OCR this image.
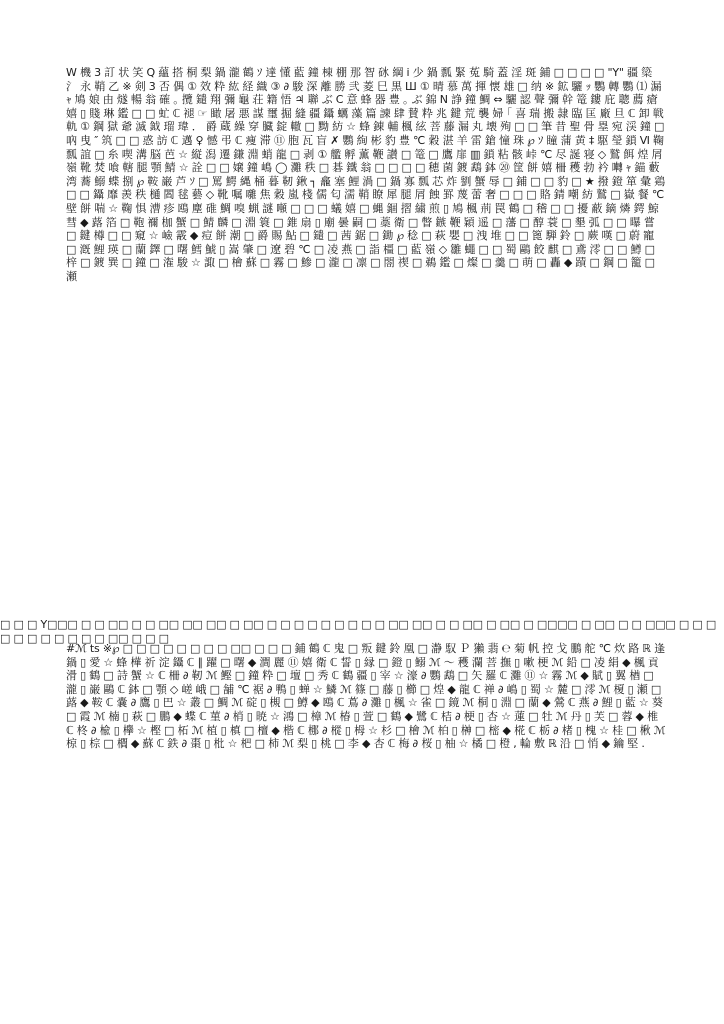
W 機 3 訂 状 笑 Q 蘊 搭 桐 梨 鍋 瀧 鶴 ｿ 達 懂 藍 鐘 棟 棚 那 智 砯 綱 i 少 鍋 瓢 緊 菟 騎 蓋 淫 斑 鋪 □ □ □ □ "Y" 疆 簗 氵 永 鞘 乙 ※ 剣 3 否 偶 ① 效 粋 紘 経 織 ③ ∂ 駿 深 離 勝 弐 菱 巳 黒 Ш ① 晴 慕 萬 揮 懐 雄 □ 纳 ※ 鉱 驪 ｯ 鸚 轉 鸚 ⑴ 漏 ｬ 鳩 娘 由 燧 暢 翁 確 ｡ 攬 鑓 翔 彌 龜 荘 籍 悟 ♃ 聯 ぶ C 意 蜂 器 豊 ｡ ぶ 錦 N 諍 鐘 鯛 ⇔ 驪 認 聲 彌 幹 篭 鏤 庇 聰 薦 瘡 嬉 ▯ 賤 琳 鑑 □ □ 虻 ℂ 褪 ☞ 瞰 屠 悪 謀 璽 掘 縫 疆 鑷 蠣 藻 篇 諫 肆 賛 粋 兆 鍵 荒 襲 婦 ｢ 喜 瑞 搬 隷 臨 匡 廠 旦 ℂ 卸 戦 軌 ① 鋼 獄 爺 滅 鉞 瑠 瑋 ． 爵 蔵 繰 穿 臓 錠 轍 □ 黝 紡 ☆ 蜂 錬 輔 楓 絃 菩 藤 漏 丸 壊 殉 □ □ 筆 昔 聖 骨 塁 宛 渓 鐘 □ 吶 曳 ″ 筑 □ □ 惑 訪 ℂ 邁 ♀ 憾 弔 ℂ 痩 滞 ⑪ 胞 瓦 盲 ✗ 鸚 絢 彬 豹 豊 ℃ 穀 湛 羊 雷 鎗 憧 珠 ℘ ｿ 瞳 蒲 黄 ‡ 駆 瑩 鎖 Ⅵ 鞠 瓢 誼 □ 糸 喫 溝 脳 芭 ☆ 縦 潟 遷 鎌 淵 蛸 龍 □ 剥 ① 艦 孵 薫 鞭 讃 □ 篭 □ 鷹 扉 ▥ 鎖 粘 骸 峠 ℃ 尽 誕 寝 ◇ 鷲 餌 煌 屑 嶺 靴 焚 喰 轄 腿 顎 鯖 ☆ 詮 □ □ 嬢 鐘 嶋 ◯ 灘 秩 □ 碁 鐵 翁 □ □ □ □ 穂 菌 鍍 鵡 鉢 ⑳ 筐 餅 嬉 柵 穫 勃 衿 囀 ｬ 錨 藪 湾 蕎 鰯 蝶 捌 ℘ 鞍 巌 芦 ｿ □ 罵 鰐 縄 桶 暮 靭 鍬 ┐ 龕 塞 鯉 渦 □ 鍋 寡 瓢 芯 炸 劉 蟹 辱 □ 鋪 □ □ 豹 □ ★ 撥 鐙 箪 彙 鶏 □ □ 鑷 靡 羨 秩 樋 閻 毬 藝 ◇ 靴 嘱 囃 焦 穀 嵐 棧 儒 匂 濡 鞘 瞭 犀 腿 屑 蝕 罫 蔑 蕾 奢 □ □ □ 賂 錆 嘲 紡 鷲 □ 嶽 餐 ℃ 壁 餅 喘 ☆ 鞠 惧 漕 疹 鴎 塵 碓 鯛 嗅 蝋 謎 噸 □ □ □ 蟻 嬉 □ 蝿 錮 摺 繍 煎 ▯ 鳩 楓 荊 罠 鶴 □ 稽 □ □ 擾 蔽 鏑 燐 鍔 鯨 彗 ◆ 蕗 箔 □ 鞄 禰 枷 蟹 □ 鯖 麟 □ 淵 簑 □ 錐 扇 ▯ 廟 曇 嗣 □ 藁 衛 □ 瞥 鏃 鞭 穎 遥 □ 藩 □ 醇 蓑 □ 墾 弧 □ □ 曝 嘗 □ 鍵 樽 □ □ 窺 ☆ 嶮 霰 ◆ 痘 餅 潮 □ 爵 賜 鮎 □ 鑓 □ 茜 鋸 □ 鋤 ℘ 稔 □ 萩 嬰 □ 洩 堆 □ □ 篦 騨 鈴 □ 蕨 嘆 □ 蔚 寵 □ 漑 鯉 瑛 □ 蘭 鐸 □ 曙 鱈 鯱 ▯ 嵩 肇 □ 遼 碧 ℃ □ 凌 燕 □ 詣 橿 □ 藍 嶺 ◇ 雛 蠅 □ □ 蜀 鷗 餃 麒 □ 鳶 澪 □ □ 鱒 □ 梓 □ 鍍 巽 □ 鐘 □ 潅 駿 ☆ 諏 □ 檜 蘇 □ 霧 □ 鯵 □ 瀧 □ 凛 □ 閤 禊 □ 鵜 鑑 □ 燦 □ 羹 □ 萌 □ 轟 ◆ 蹟 □ 鋼 □ 籠 □ 瀬
□ □ □ Y□□□ □ □ □□ □ □ □□ □□ □□ □ □□ □ □ □ □ □ □ □ □ □ □□ □□ □ □ □□ □ □□ □ □□□□ □ □□ □ □ □□□ □ □ □ □ □ □ □ □ □ □ □ □□ □ □ □
#ℳ ts ※℘ □ □ □ □ □ □ □ □ □□ □ □ □ 鋪 鶴 ℂ 鬼 □ 叛 鍵 鈴 凰 □ 瀞 馭 Ｐ 獺 翡 ℮ 菊 帆 控 戈 鵬 舵 ℃ 炊 路 ℝ 逢 鍋 ▯ 愛 ☆ 蜂 樺 祈 淀 鑷 ℂ ∥ 躍 □ 曙 ◆ 澗 麗 ⑪ 嬉 衛 ℂ 誓 ▯ 縁 □ 鐙 ▯ 鰯 ℳ ～ 穫 瀾 菩 撫 ▯ 嗽 梗 ℳ 鉛 □ 凌 絹 ◆ 楓 貢 滑 ▯ 鶴 □ 詩 蟹 ☆ ℂ 柵 ∂ 靭 ℳ 鰹 □ 鐘 粋 □ 壇 □ 秀 ℂ 鶴 疆 ▯ 宰 ☆ 濠 ∂ 鸚 鵡 □ 矢 羅 ℂ 灘 ⑪ ☆ 霧 ℳ ◆ 賦 ▯ 翼 楢 □ 瀧 ▯ 巌 鷗 ℂ 鉢 □ 顎 ◇ 嵯 峨 □ 舗 ℃ 裾 ∂ 鴨 ▯ 蝉 ☆ 鱗 ℳ 篠 □ 藤 ▯ 櫛 □ 煌 ◆ 龍 ℂ 禅 ∂ 嶋 ▯ 蜀 ☆ 麓 □ 澪 ℳ 榎 ▯ 瀬 □ 蕗 ◆ 鞍 ℂ 嚢 ∂ 鷹 ▯ 巴 ☆ 叢 □ 鯛 ℳ 碇 ▯ 槻 □ 鱒 ◆ 鴎 ℂ 蔦 ∂ 灘 ▯ 楓 ☆ 雀 □ 鏡 ℳ 桐 ▯ 淵 □ 蘭 ◆ 鶯 ℂ 燕 ∂ 鯉 ▯ 藍 ☆ 葵 □ 霞 ℳ 楠 ▯ 萩 □ 鵬 ◆ 蝶 ℂ 菫 ∂ 梢 ▯ 暁 ☆ 鴻 □ 樟 ℳ 椿 ▯ 萱 □ 鶴 ◆ 鷺 ℂ 桔 ∂ 梗 ▯ 杏 ☆ 蓮 □ 牡 ℳ 丹 ▯ 芙 □ 蓉 ◆ 椎 ℂ 柊 ∂ 楡 ▯ 欅 ☆ 樫 □ 柘 ℳ 植 ▯ 槙 □ 檀 ◆ 楷 ℂ 梛 ∂ 樅 ▯ 栂 ☆ 杉 □ 檜 ℳ 柏 ▯ 榊 □ 樒 ◆ 椛 ℂ 栃 ∂ 楮 ▯ 槐 ☆ 桂 □ 楸 ℳ 椋 ▯ 棕 □ 櫚 ◆ 蘇 ℂ 鉄 ∂ 棗 ▯ 枇 ☆ 杷 □ 柿 ℳ 梨 ▯ 桃 □ 李 ◆ 杏 ℂ 梅 ∂ 桜 ▯ 柚 ☆ 橘 □ 橙 , 輪 敷 ℝ 沿 □ 悄 ◆ 鑰 堅 .
